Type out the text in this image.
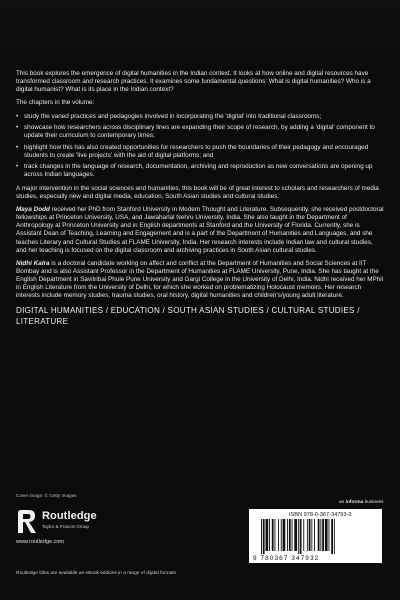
This book explores the emergence of digital humanities in the Indian context. It looks at how online and digital resources have transformed classroom and research practices. It examines some fundamental questions: What is digital humanities? Who is a digital humanist? What is its place in the Indian context?

The chapters in the volume:

• study the varied practices and pedagogies involved in incorporating the 'digital' into traditional classrooms;
• showcase how researchers across disciplinary lines are expanding their scope of research, by adding a 'digital' component to update their curriculum to contemporary times;
• highlight how this has also created opportunities for researchers to push the boundaries of their pedagogy and encouraged students to create 'live projects' with the aid of digital platforms; and
• track changes in the language of research, documentation, archiving and reproduction as new conversations are opening up across Indian languages.

A major intervention in the social sciences and humanities, this book will be of great interest to scholars and researchers of media studies, especially new and digital media, education, South Asian studies and cultural studies.

Maya Dodd received her PhD from Stanford University in Modern Thought and Literature. Subsequently, she received postdoctoral fellowships at Princeton University, USA, and Jawaharlal Nehru University, India. She also taught in the Department of Anthropology at Princeton University and in English departments at Stanford and the University of Florida. Currently, she is Assistant Dean of Teaching, Learning and Engagement and is a part of the Department of Humanities and Languages, and she teaches Literary and Cultural Studies at FLAME University, India. Her research interests include Indian law and cultural studies, and her teaching is focused on the digital classroom and archiving practices in South Asian cultural studies.

Nidhi Kalra is a doctoral candidate working on affect and conflict at the Department of Humanities and Social Sciences at IIT Bombay and is also Assistant Professor in the Department of Humanities at FLAME University, Pune, India. She has taught at the English Department in Savitribai Phule Pune University and Gargi College in the University of Delhi, India. Nidhi received her MPhil in English Literature from the University of Delhi, for which she worked on problematizing Holocaust memoirs. Her research interests include memory studies, trauma studies, oral history, digital humanities and children's/young adult literature.

DIGITAL HUMANITIES / EDUCATION / SOUTH ASIAN STUDIES / CULTURAL STUDIES / LITERATURE
Cover image: © Getty Images
Routledge
Taylor & Francis Group
www.routledge.com
an informa business
ISBN 978-0-367-34793-2
9 780367 347932
Routledge titles are available as eBook editions in a range of digital formats
